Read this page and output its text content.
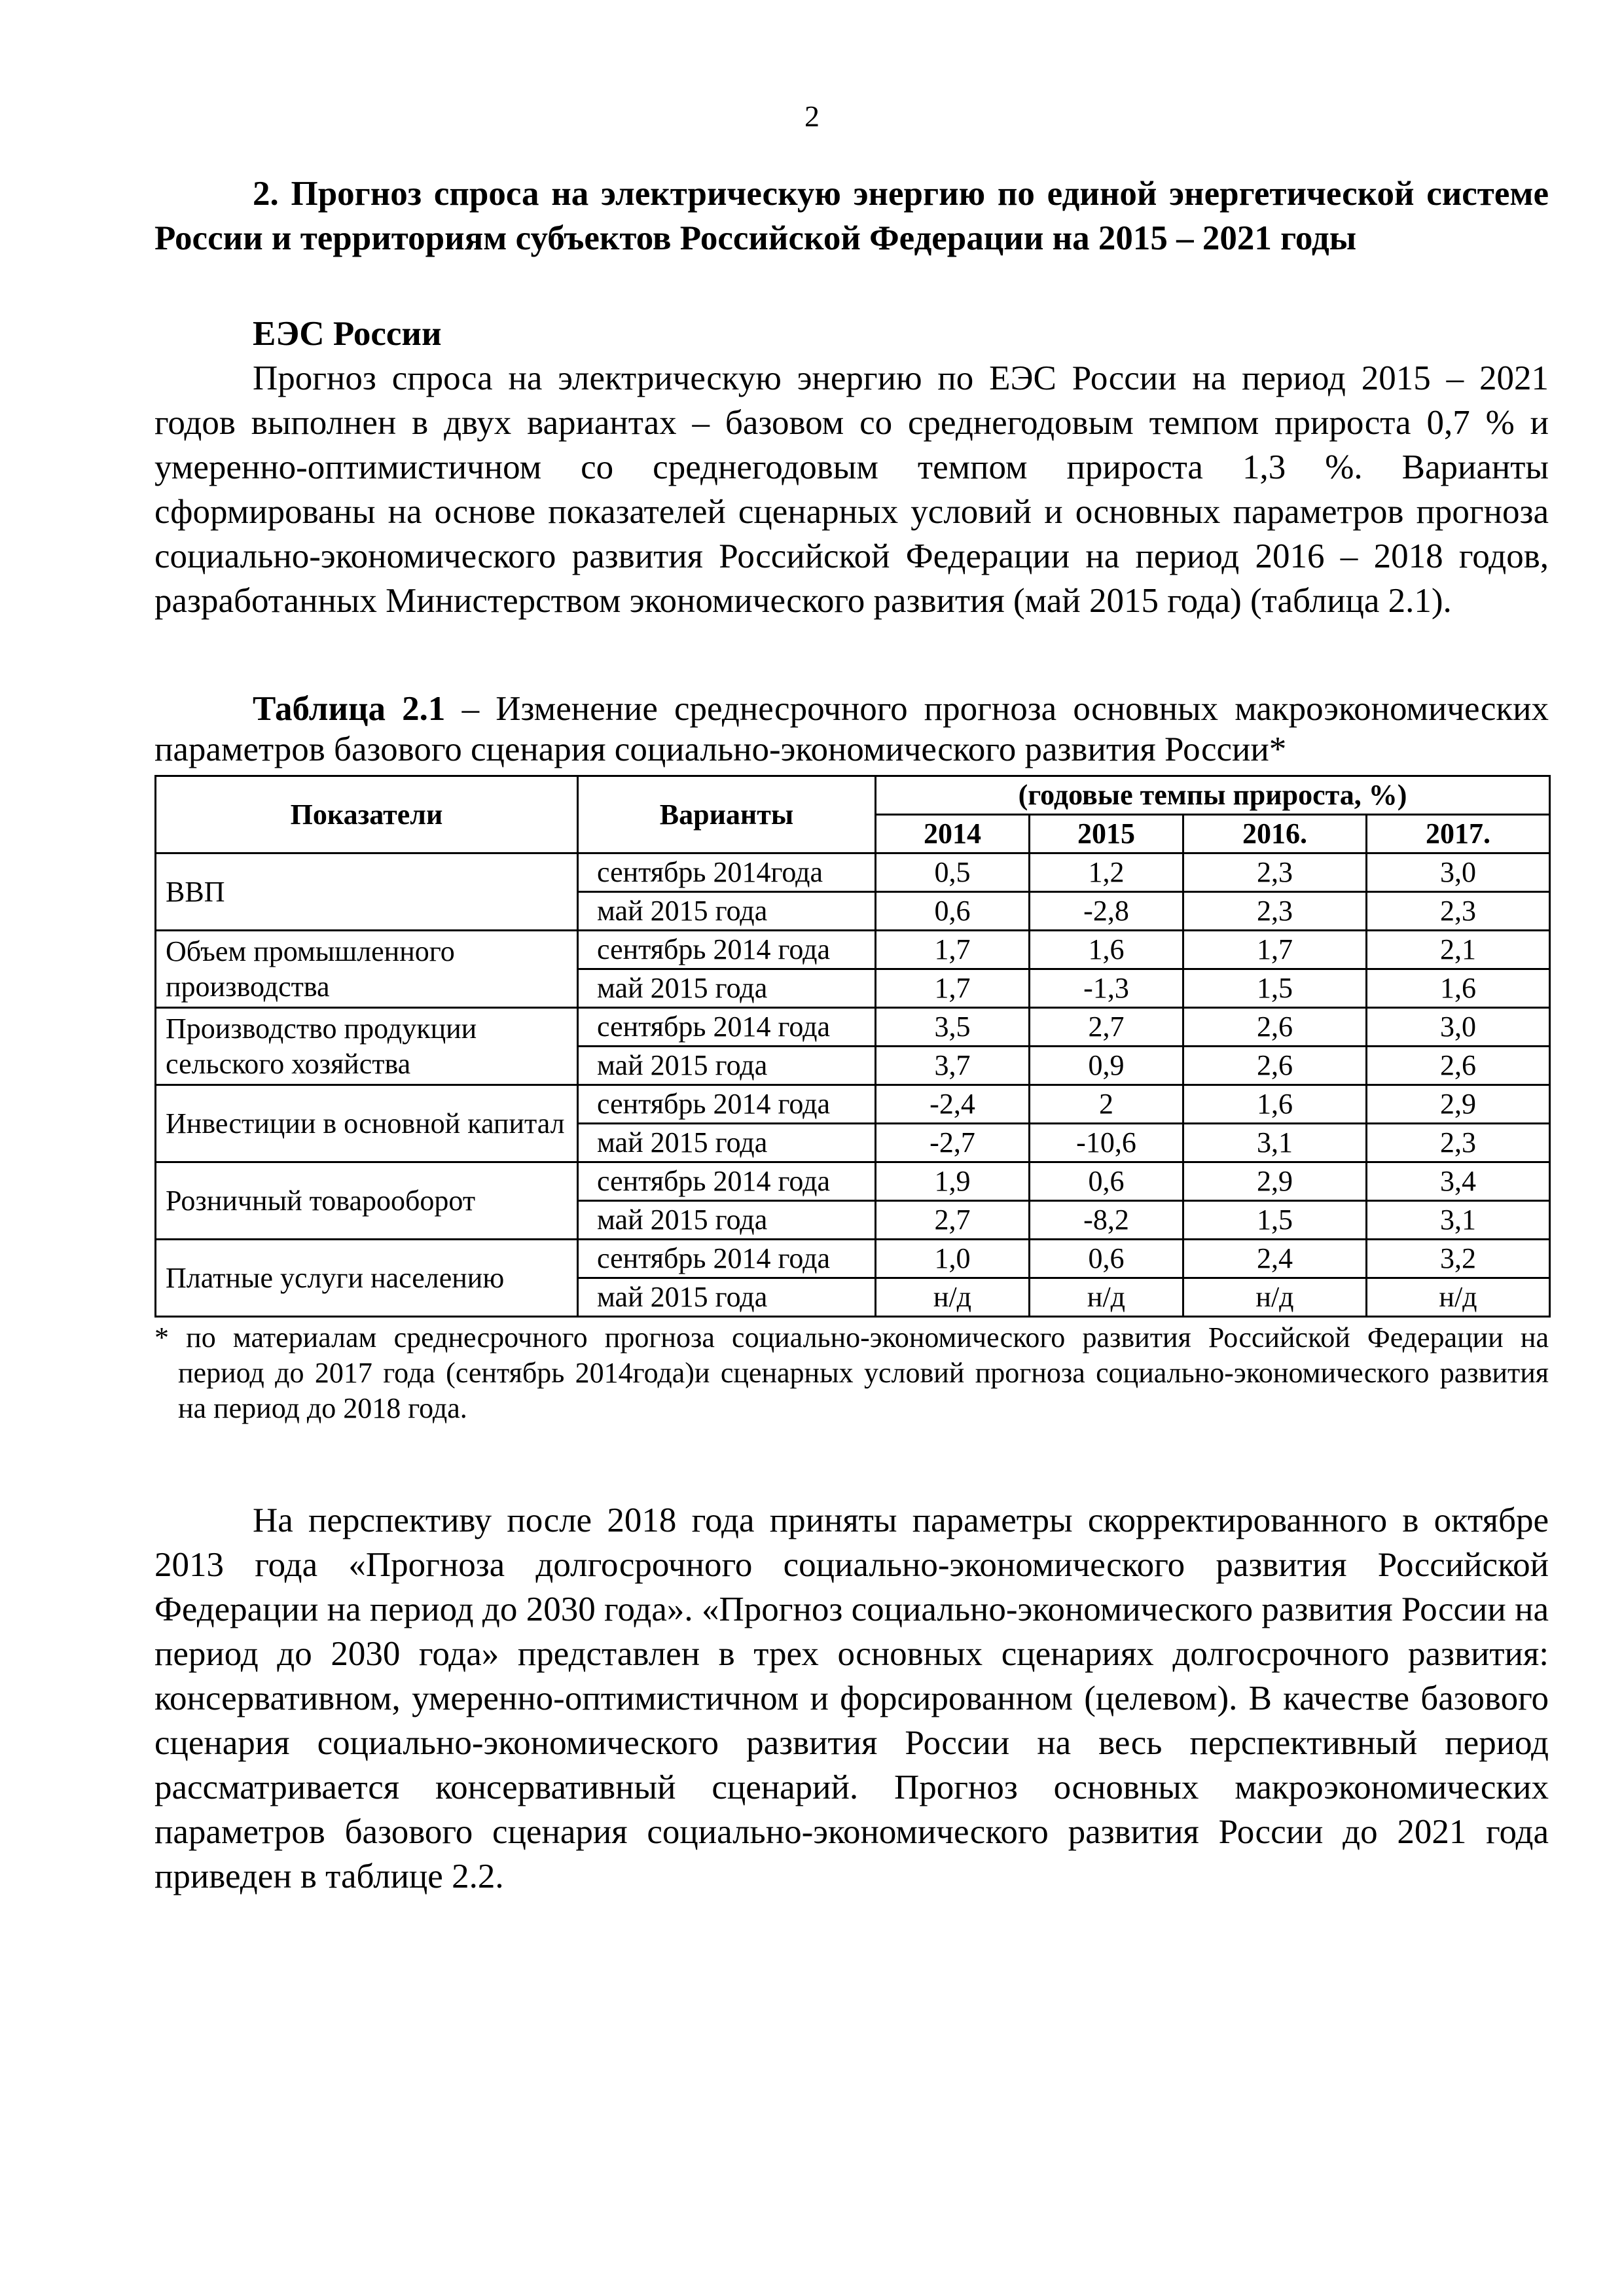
2

2. Прогноз спроса на электрическую энергию по единой энергетической системе России и территориям субъектов Российской Федерации на 2015 – 2021 годы

ЕЭС России

Прогноз спроса на электрическую энергию по ЕЭС России на период 2015 – 2021 годов выполнен в двух вариантах – базовом со среднегодовым темпом прироста 0,7 % и умеренно-оптимистичном со среднегодовым темпом прироста 1,3 %. Варианты сформированы на основе показателей сценарных условий и основных параметров прогноза социально-экономического развития Российской Федерации на период 2016 – 2018 годов, разработанных Министерством экономического развития (май 2015 года) (таблица 2.1).

Таблица 2.1 – Изменение среднесрочного прогноза основных макроэкономических параметров базового сценария социально-экономического развития России*

Показатели	Варианты	(годовые темпы прироста, %)			
		2014	2015	2016.	2017.
ВВП	сентябрь 2014года	0,5	1,2	2,3	3,0
	май 2015 года	0,6	-2,8	2,3	2,3
Объем промышленного производства	сентябрь 2014 года	1,7	1,6	1,7	2,1
	май 2015 года	1,7	-1,3	1,5	1,6
Производство продукции сельского хозяйства	сентябрь 2014 года	3,5	2,7	2,6	3,0
	май 2015 года	3,7	0,9	2,6	2,6
Инвестиции в основной капитал	сентябрь 2014 года	-2,4	2	1,6	2,9
	май 2015 года	-2,7	-10,6	3,1	2,3
Розничный товарооборот	сентябрь 2014 года	1,9	0,6	2,9	3,4
	май 2015 года	2,7	-8,2	1,5	3,1
Платные услуги населению	сентябрь 2014 года	1,0	0,6	2,4	3,2
	май 2015 года	н/д	н/д	н/д	н/д

* по материалам среднесрочного прогноза социально-экономического развития Российской Федерации на период до 2017 года (сентябрь 2014года)и сценарных условий прогноза социально-экономического развития на период до 2018 года.

На перспективу после 2018 года приняты параметры скорректированного в октябре 2013 года «Прогноза долгосрочного социально-экономического развития Российской Федерации на период до 2030 года». «Прогноз социально-экономического развития России на период до 2030 года» представлен в трех основных сценариях долгосрочного развития: консервативном, умеренно-оптимистичном и форсированном (целевом). В качестве базового сценария социально-экономического развития России на весь перспективный период рассматривается консервативный сценарий. Прогноз основных макроэкономических параметров базового сценария социально-экономического развития России до 2021 года приведен в таблице 2.2.
